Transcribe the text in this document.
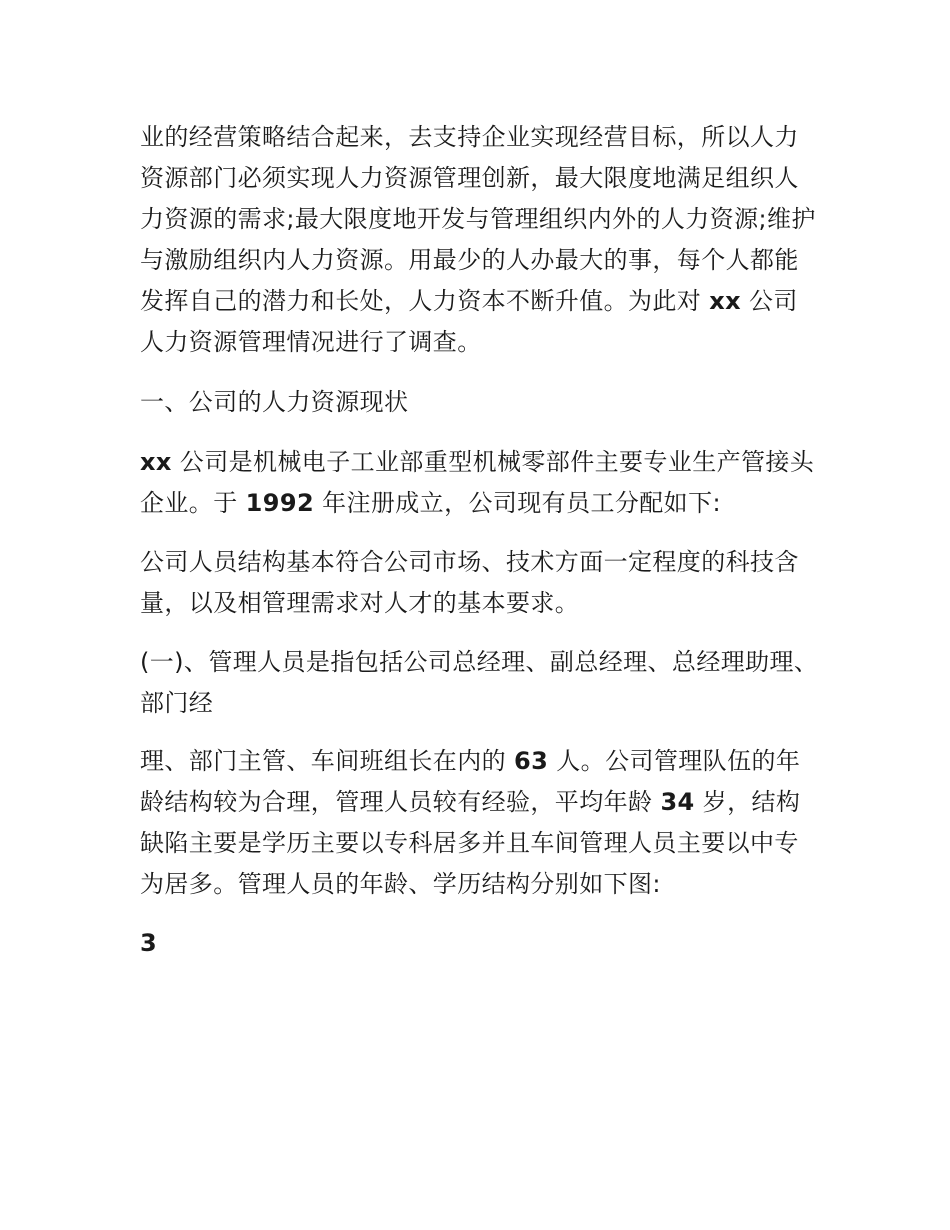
业的经营策略结合起来，去支持企业实现经营目标，所以人力资源部门必须实现人力资源管理创新，最大限度地满足组织人力资源的需求;最大限度地开发与管理组织内外的人力资源;维护与激励组织内人力资源。用最少的人办最大的事，每个人都能发挥自己的潜力和长处，人力资本不断升值。为此对 xx 公司人力资源管理情况进行了调查。

一、公司的人力资源现状

xx 公司是机械电子工业部重型机械零部件主要专业生产管接头企业。于 1992 年注册成立，公司现有员工分配如下:

公司人员结构基本符合公司市场、技术方面一定程度的科技含量，以及相管理需求对人才的基本要求。

(一)、管理人员是指包括公司总经理、副总经理、总经理助理、部门经

理、部门主管、车间班组长在内的 63 人。公司管理队伍的年龄结构较为合理，管理人员较有经验，平均年龄 34 岁，结构缺陷主要是学历主要以专科居多并且车间管理人员主要以中专为居多。管理人员的年龄、学历结构分别如下图:

3
